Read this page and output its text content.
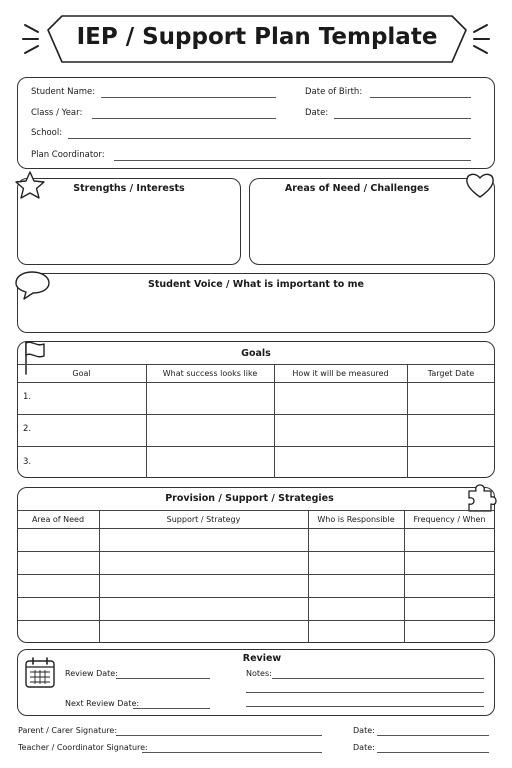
IEP / Support Plan Template
Student Name:	Date of Birth:
Class / Year:	Date:
School:
Plan Coordinator:
Strengths / Interests	Areas of Need / Challenges
Student Voice / What is important to me
Goals
Goal	What success looks like	How it will be measured	Target Date
1.
2.
3.
Provision / Support / Strategies
Area of Need	Support / Strategy	Who is Responsible	Frequency / When
Review
Review Date:
Next Review Date:
Notes:
Parent / Carer Signature:	Date:
Teacher / Coordinator Signature:	Date:
